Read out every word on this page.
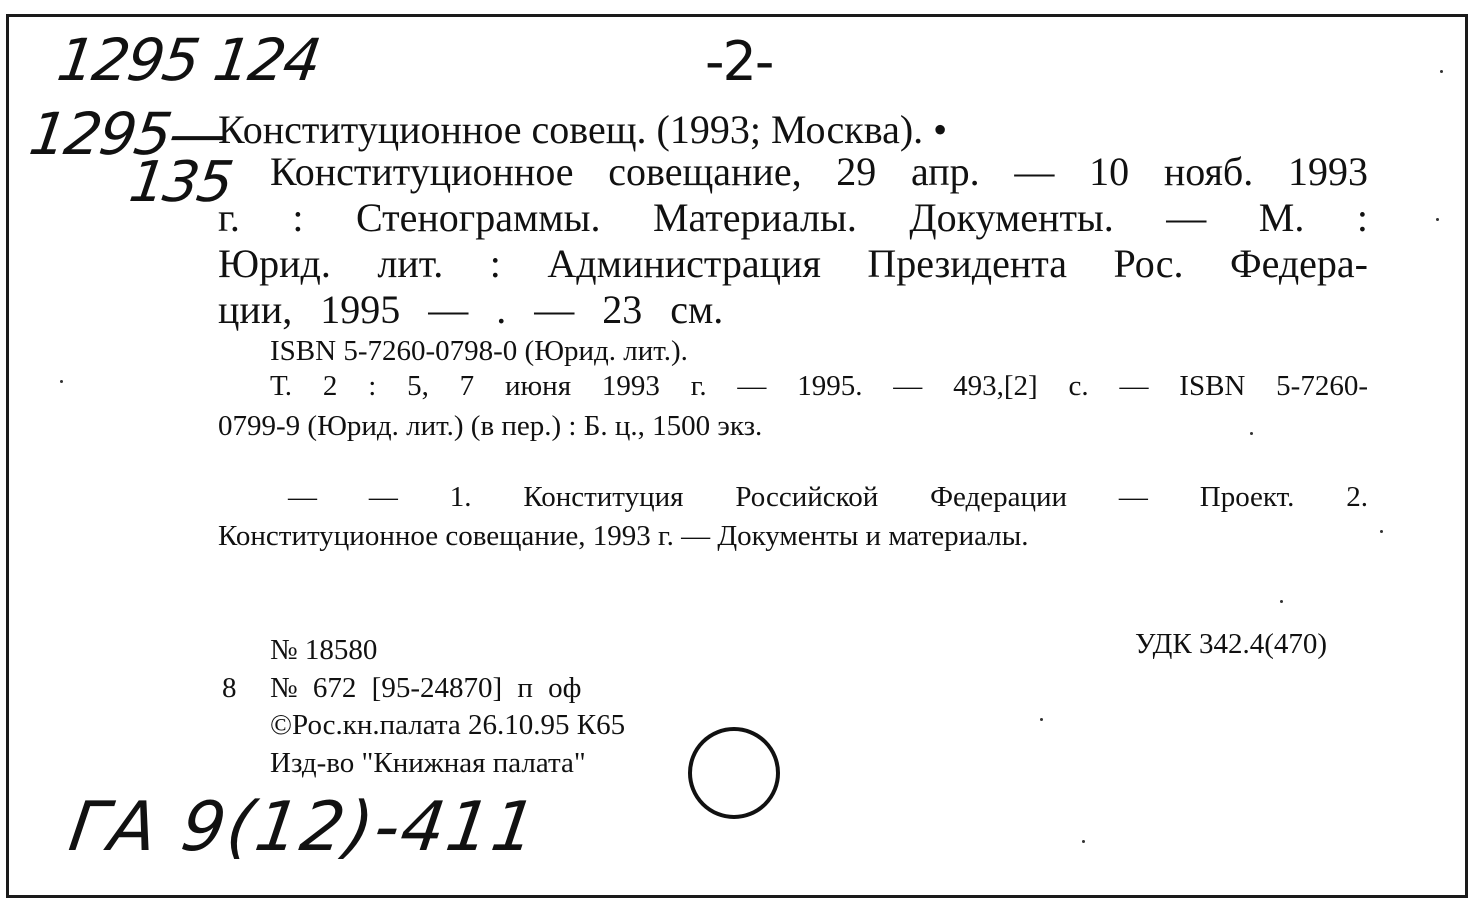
1295 124
1295—
135
-2-
ГА 9(12)-411
Конституционное совещ. (1993; Москва). •
Конституционное совещание, 29 апр. — 10 нояб. 1993
г. : Стенограммы. Материалы. Документы. — М. :
Юрид. лит. : Администрация Президента Рос. Федера-
ции, 1995 — . — 23 см.
ISBN 5-7260-0798-0 (Юрид. лит.).
Т. 2 : 5, 7 июня 1993 г. — 1995. — 493,[2] с. — ISBN 5-7260-
0799-9 (Юрид. лит.) (в пер.) : Б. ц., 1500 экз.
— — 1. Конституция Российской Федерации — Проект. 2.
Конституционное совещание, 1993 г. — Документы и материалы.
№ 18580	УДК 342.4(470)
8 № 672 [95-24870] п оф
©Рос.кн.палата 26.10.95 К65
Изд-во "Книжная палата"
